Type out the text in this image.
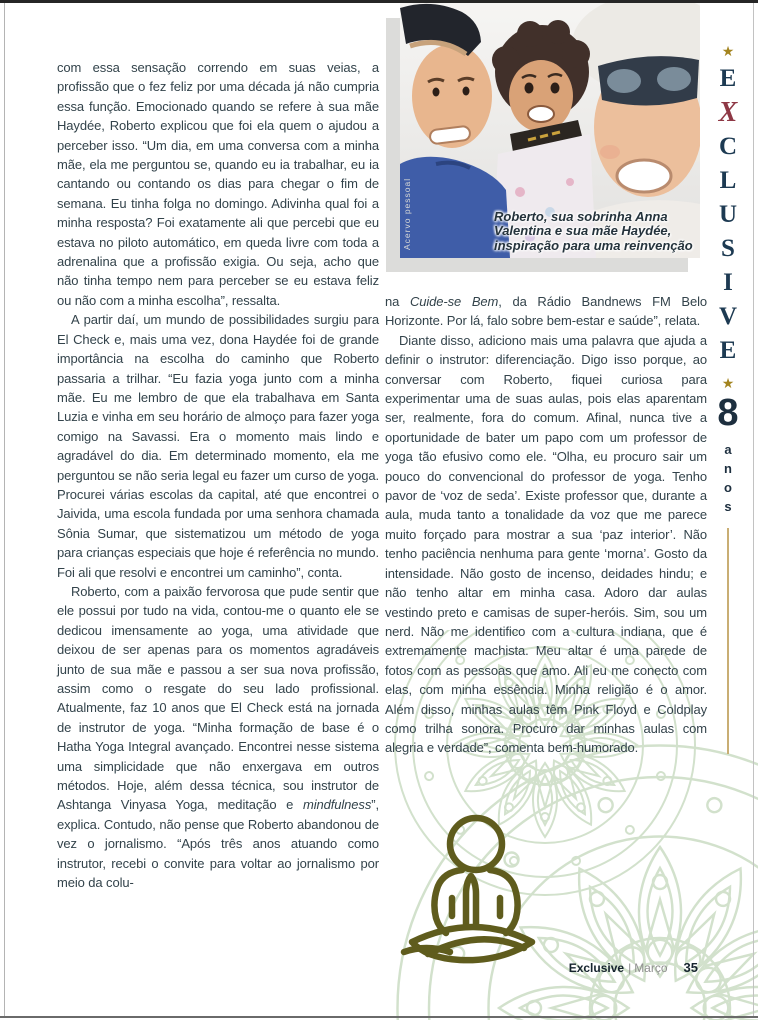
com essa sensação correndo em suas veias, a profissão que o fez feliz por uma década já não cumpria essa função. Emocionado quando se refere à sua mãe Haydée, Roberto explicou que foi ela quem o ajudou a perceber isso. “Um dia, em uma conversa com a minha mãe, ela me perguntou se, quando eu ia trabalhar, eu ia cantando ou contando os dias para chegar o fim de semana. Eu tinha folga no domingo. Adivinha qual foi a minha resposta? Foi exatamente ali que percebi que eu estava no piloto automático, em queda livre com toda a adrenalina que a profissão exigia. Ou seja, acho que não tinha tempo nem para perceber se eu estava feliz ou não com a minha escolha”, ressalta.

A partir daí, um mundo de possibilidades surgiu para El Check e, mais uma vez, dona Haydée foi de grande importância na escolha do caminho que Roberto passaria a trilhar. “Eu fazia yoga junto com a minha mãe. Eu me lembro de que ela trabalhava em Santa Luzia e vinha em seu horário de almoço para fazer yoga comigo na Savassi. Era o momento mais lindo e agradável do dia. Em determinado momento, ela me perguntou se não seria legal eu fazer um curso de yoga. Procurei várias escolas da capital, até que encontrei o Jaivida, uma escola fundada por uma senhora chamada Sônia Sumar, que sistematizou um método de yoga para crianças especiais que hoje é referência no mundo. Foi ali que resolvi e encontrei um caminho”, conta.

Roberto, com a paixão fervorosa que pude sentir que ele possui por tudo na vida, contou-me o quanto ele se dedicou imensamente ao yoga, uma atividade que deixou de ser apenas para os momentos agradáveis junto de sua mãe e passou a ser sua nova profissão, assim como o resgate do seu lado profissional. Atualmente, faz 10 anos que El Check está na jornada de instrutor de yoga. “Minha formação de base é o Hatha Yoga Integral avançado. Encontrei nesse sistema uma simplicidade que não enxergava em outros métodos. Hoje, além dessa técnica, sou instrutor de Ashtanga Vinyasa Yoga, meditação e mindfulness”, explica. Contudo, não pense que Roberto abandonou de vez o jornalismo. “Após três anos atuando como instrutor, recebi o convite para voltar ao jornalismo por meio da colu-

Acervo pessoal	Roberto, sua sobrinha Anna
Valentina e sua mãe Haydée,
inspiração para uma reinvenção

na Cuide-se Bem, da Rádio Bandnews FM Belo Horizonte. Por lá, falo sobre bem-estar e saúde”, relata.

Diante disso, adiciono mais uma palavra que ajuda a definir o instrutor: diferenciação. Digo isso porque, ao conversar com Roberto, fiquei curiosa para experimentar uma de suas aulas, pois elas aparentam ser, realmente, fora do comum. Afinal, nunca tive a oportunidade de bater um papo com um professor de yoga tão efusivo como ele. “Olha, eu procuro sair um pouco do convencional do professor de yoga. Tenho pavor de ‘voz de seda’. Existe professor que, durante a aula, muda tanto a tonalidade da voz que me parece muito forçado para mostrar a sua ‘paz interior’. Não tenho paciência nenhuma para gente ‘morna’. Gosto da intensidade. Não gosto de incenso, deidades hindu; e não tenho altar em minha casa. Adoro dar aulas vestindo preto e camisas de super-heróis. Sim, sou um nerd. Não me identifico com a cultura indiana, que é extremamente machista. Meu altar é uma parede de fotos com as pessoas que amo. Ali eu me conecto com elas, com minha essência. Minha religião é o amor. Além disso, minhas aulas têm Pink Floyd e Coldplay como trilha sonora. Procuro dar minhas aulas com alegria e verdade”, comenta bem-humorado.

★
E
X
C
L
U
S
I
V
E
★
8
anos
Exclusive | Março 35
